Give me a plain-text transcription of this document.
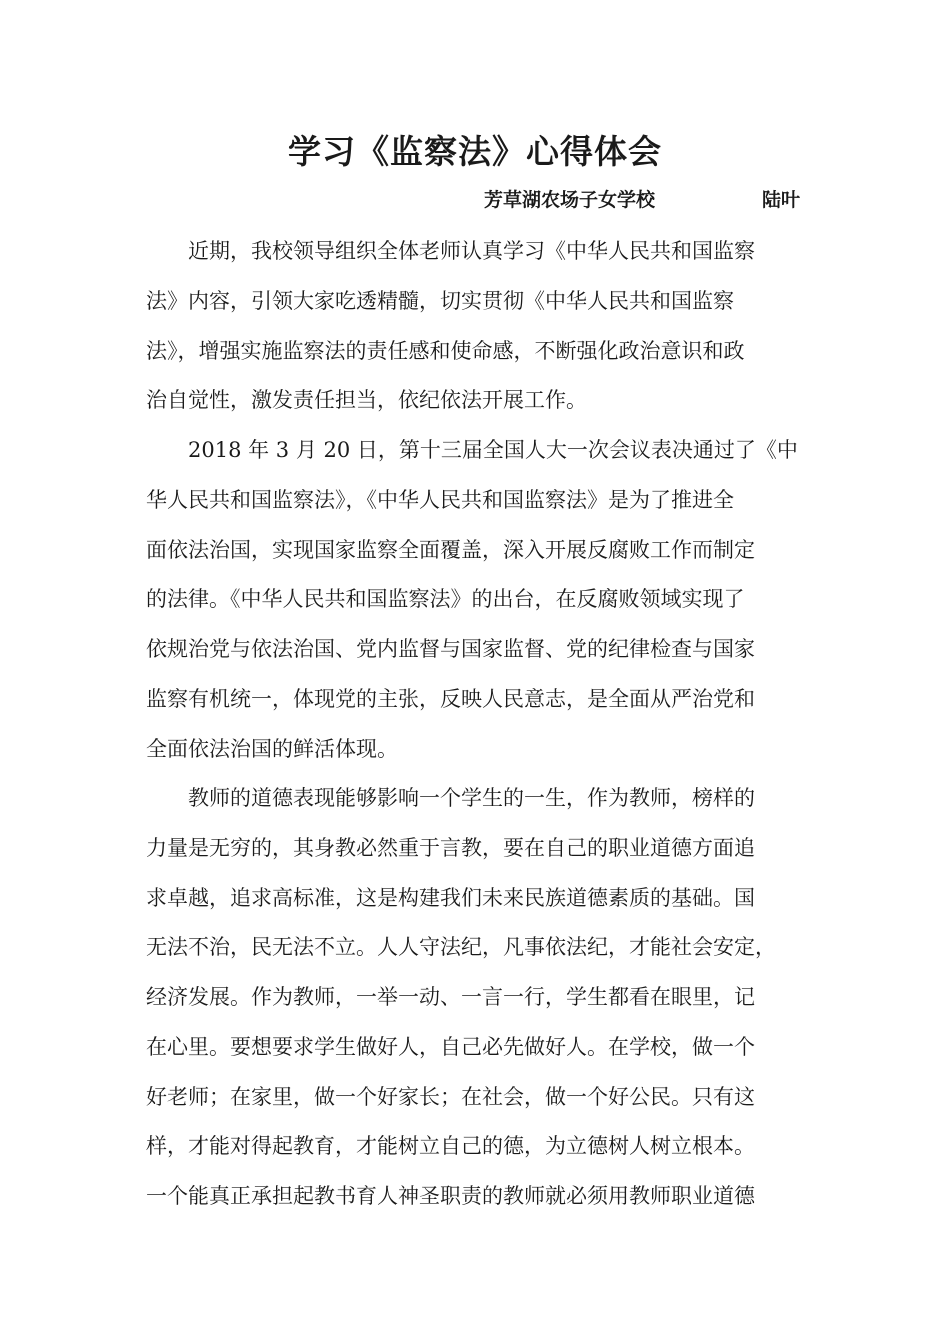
学习《监察法》心得体会
芳草湖农场子女学校	陆叶
近期，我校领导组织全体老师认真学习《中华人民共和国监察
法》内容，引领大家吃透精髓，切实贯彻《中华人民共和国监察
法》，增强实施监察法的责任感和使命感，不断强化政治意识和政
治自觉性，激发责任担当，依纪依法开展工作。
2018 年 3 月 20 日，第十三届全国人大一次会议表决通过了《中
华人民共和国监察法》，《中华人民共和国监察法》是为了推进全
面依法治国，实现国家监察全面覆盖，深入开展反腐败工作而制定
的法律。《中华人民共和国监察法》的出台，在反腐败领域实现了
依规治党与依法治国、党内监督与国家监督、党的纪律检查与国家
监察有机统一，体现党的主张，反映人民意志，是全面从严治党和
全面依法治国的鲜活体现。
教师的道德表现能够影响一个学生的一生，作为教师，榜样的
力量是无穷的，其身教必然重于言教，要在自己的职业道德方面追
求卓越，追求高标准，这是构建我们未来民族道德素质的基础。国
无法不治，民无法不立。人人守法纪，凡事依法纪，才能社会安定，
经济发展。作为教师，一举一动、一言一行，学生都看在眼里，记
在心里。要想要求学生做好人，自己必先做好人。在学校，做一个
好老师；在家里，做一个好家长；在社会，做一个好公民。只有这
样，才能对得起教育，才能树立自己的德，为立德树人树立根本。
一个能真正承担起教书育人神圣职责的教师就必须用教师职业道德
